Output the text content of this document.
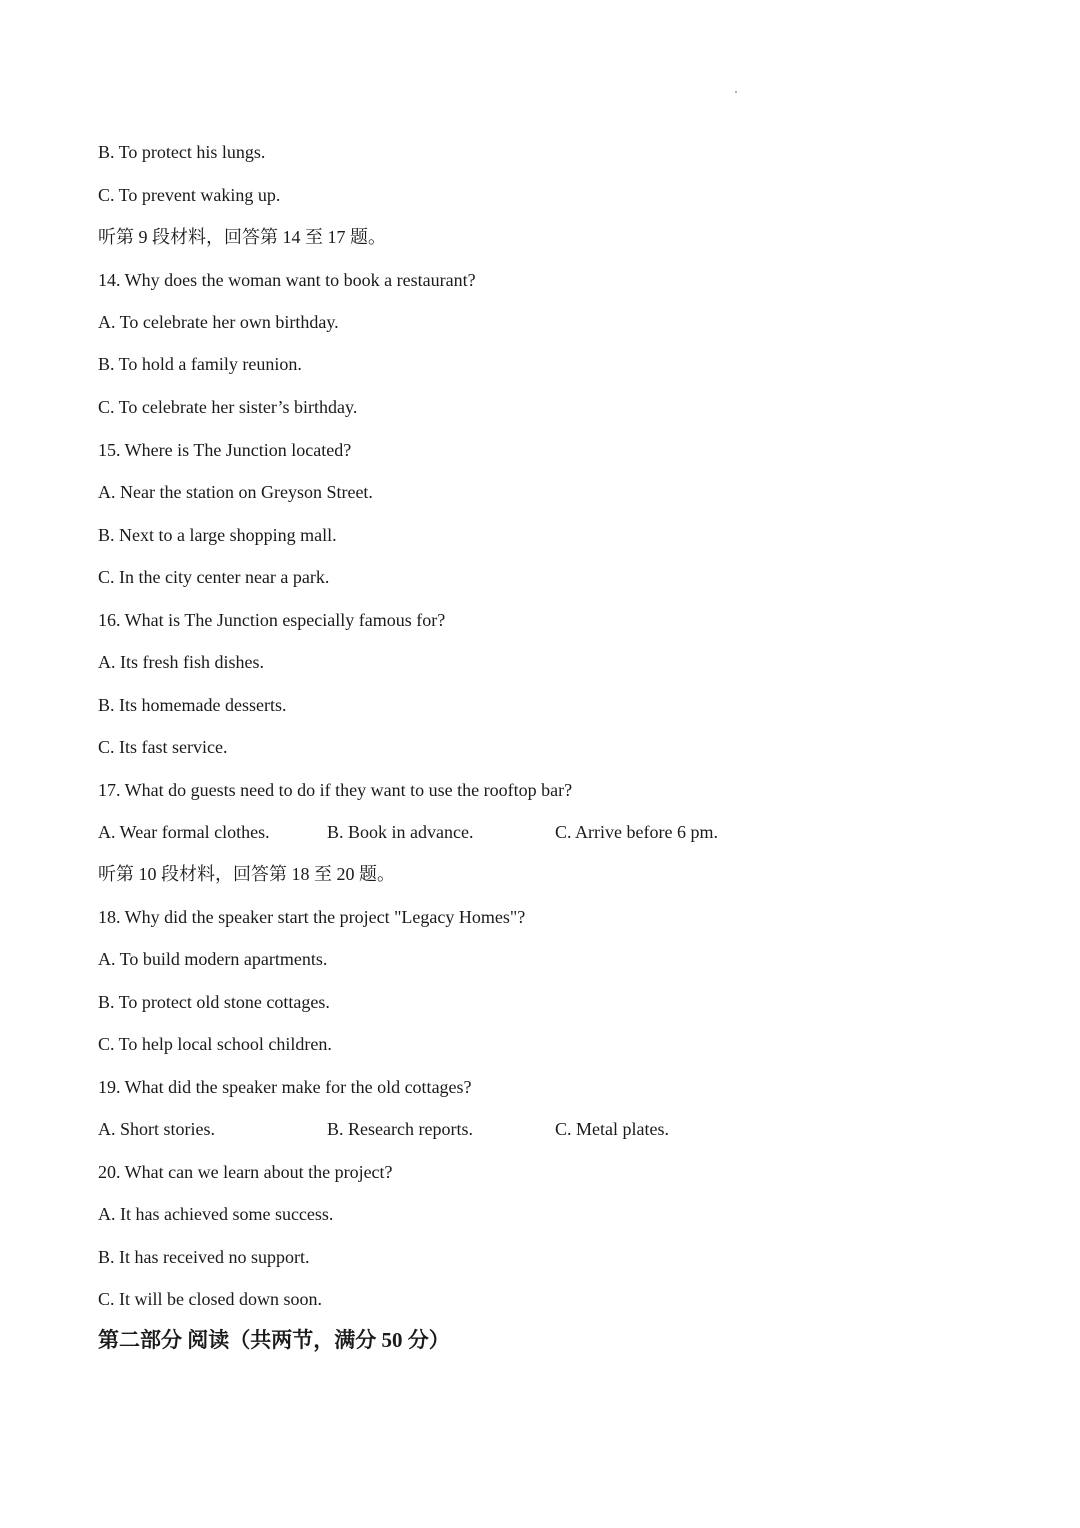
B. To protect his lungs.
C. To prevent waking up.
听第 9 段材料，回答第 14 至 17 题。
14. Why does the woman want to book a restaurant?
A. To celebrate her own birthday.
B. To hold a family reunion.
C. To celebrate her sister’s birthday.
15. Where is The Junction located?
A. Near the station on Greyson Street.
B. Next to a large shopping mall.
C. In the city center near a park.
16. What is The Junction especially famous for?
A. Its fresh fish dishes.
B. Its homemade desserts.
C. Its fast service.
17. What do guests need to do if they want to use the rooftop bar?
A. Wear formal clothes.	B. Book in advance.	C. Arrive before 6 pm.
听第 10 段材料，回答第 18 至 20 题。
18. Why did the speaker start the project "Legacy Homes"?
A. To build modern apartments.
B. To protect old stone cottages.
C. To help local school children.
19. What did the speaker make for the old cottages?
A. Short stories.	B. Research reports.	C. Metal plates.
20. What can we learn about the project?
A. It has achieved some success.
B. It has received no support.
C. It will be closed down soon.
第二部分 阅读（共两节，满分 50 分）
